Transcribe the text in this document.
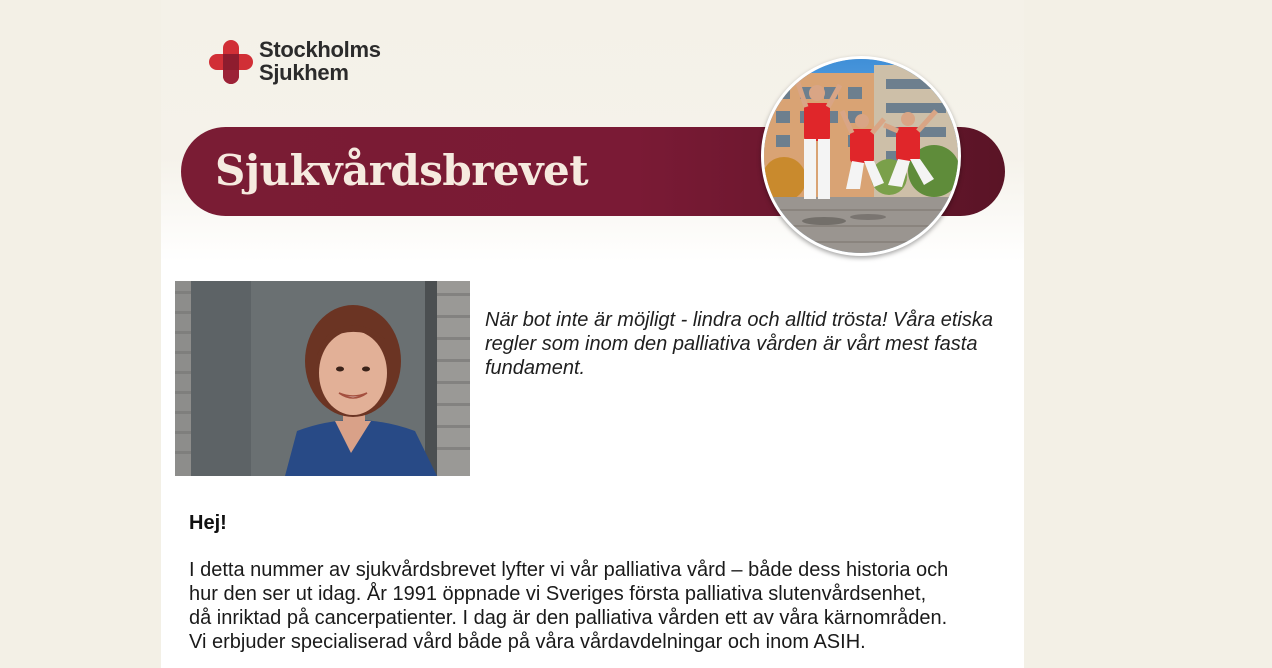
Stockholms
Sjukhem
Sjukvårdsbrevet
När bot inte är möjligt - lindra och alltid trösta! Våra etiska regler som inom den palliativa vården är vårt mest fasta fundament.
Hej!
I detta nummer av sjukvårdsbrevet lyfter vi vår palliativa vård – både dess historia och
hur den ser ut idag. År 1991 öppnade vi Sveriges första palliativa slutenvårdsenhet,
då inriktad på cancerpatienter. I dag är den palliativa vården ett av våra kärnområden.
Vi erbjuder specialiserad vård både på våra vårdavdelningar och inom ASIH.
